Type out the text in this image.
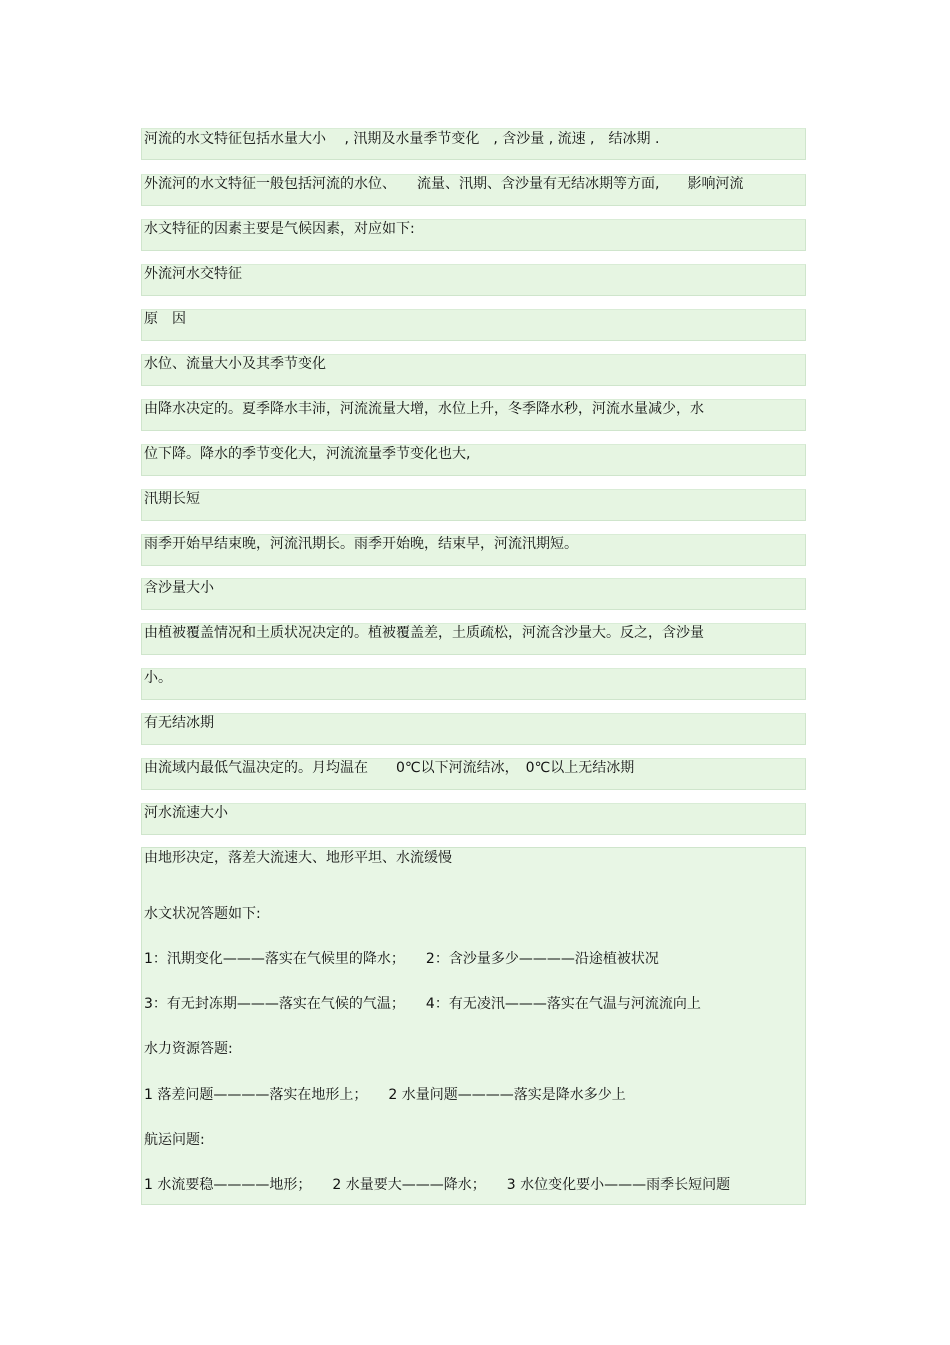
河流的水文特征包括水量大小　 , 汛期及水量季节变化　, 含沙量 , 流速 ,　结冰期 .
外流河的水文特征一般包括河流的水位、　　流量、汛期、含沙量有无结冰期等方面,　　影响河流
水文特征的因素主要是气候因素，对应如下:
外流河水交特征
原　因
水位、流量大小及其季节变化
由降水决定的。夏季降水丰沛，河流流量大增，水位上升，冬季降水秒，河流水量减少，水
位下降。降水的季节变化大，河流流量季节变化也大,
汛期长短
雨季开始早结束晚，河流汛期长。雨季开始晚，结束早，河流汛期短。
含沙量大小
由植被覆盖情况和土质状况决定的。植被覆盖差，土质疏松，河流含沙量大。反之，含沙量
小。
有无结冰期
由流域内最低气温决定的。月均温在　　0℃以下河流结冰，　0℃以上无结冰期
河水流速大小
由地形决定，落差大流速大、地形平坦、水流缓慢
水文状况答题如下:
1：汛期变化———落实在气候里的降水；　　2：含沙量多少————沿途植被状况
3：有无封冻期———落实在气候的气温；　　4：有无凌汛———落实在气温与河流流向上
水力资源答题:
1 落差问题————落实在地形上；　　2 水量问题————落实是降水多少上
航运问题:
1 水流要稳————地形；　　2 水量要大———降水；　　3 水位变化要小———雨季长短问题
